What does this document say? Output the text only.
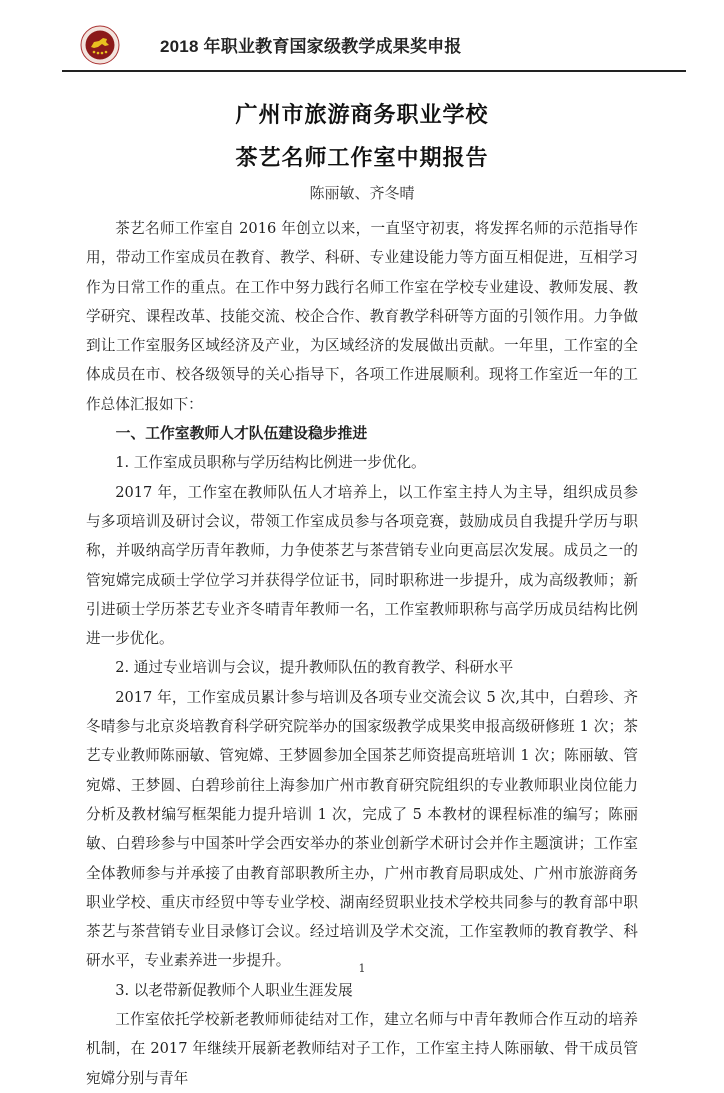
2018 年职业教育国家级教学成果奖申报
广州市旅游商务职业学校
茶艺名师工作室中期报告
陈丽敏、齐冬晴

茶艺名师工作室自 2016 年创立以来，一直坚守初衷，将发挥名师的示范指导作用，带动工作室成员在教育、教学、科研、专业建设能力等方面互相促进，互相学习作为日常工作的重点。在工作中努力践行名师工作室在学校专业建设、教师发展、教学研究、课程改革、技能交流、校企合作、教育教学科研等方面的引领作用。力争做到让工作室服务区域经济及产业，为区域经济的发展做出贡献。一年里，工作室的全体成员在市、校各级领导的关心指导下，各项工作进展顺利。现将工作室近一年的工作总体汇报如下：

一、工作室教师人才队伍建设稳步推进

1. 工作室成员职称与学历结构比例进一步优化。

2017 年，工作室在教师队伍人才培养上，以工作室主持人为主导，组织成员参与多项培训及研讨会议，带领工作室成员参与各项竞赛，鼓励成员自我提升学历与职称，并吸纳高学历青年教师，力争使茶艺与茶营销专业向更高层次发展。成员之一的管宛嫦完成硕士学位学习并获得学位证书，同时职称进一步提升，成为高级教师；新引进硕士学历茶艺专业齐冬晴青年教师一名，工作室教师职称与高学历成员结构比例进一步优化。

2. 通过专业培训与会议，提升教师队伍的教育教学、科研水平

2017 年，工作室成员累计参与培训及各项专业交流会议 5 次,其中，白碧珍、齐冬晴参与北京炎培教育科学研究院举办的国家级教学成果奖申报高级研修班 1 次；茶艺专业教师陈丽敏、管宛嫦、王梦圆参加全国茶艺师资提高班培训 1 次；陈丽敏、管宛嫦、王梦圆、白碧珍前往上海参加广州市教育研究院组织的专业教师职业岗位能力分析及教材编写框架能力提升培训 1 次，完成了 5 本教材的课程标准的编写；陈丽敏、白碧珍参与中国茶叶学会西安举办的茶业创新学术研讨会并作主题演讲；工作室全体教师参与并承接了由教育部职教所主办，广州市教育局职成处、广州市旅游商务职业学校、重庆市经贸中等专业学校、湖南经贸职业技术学校共同参与的教育部中职茶艺与茶营销专业目录修订会议。经过培训及学术交流，工作室教师的教育教学、科研水平，专业素养进一步提升。

3. 以老带新促教师个人职业生涯发展

工作室依托学校新老教师师徒结对工作，建立名师与中青年教师合作互动的培养机制，在 2017 年继续开展新老教师结对子工作，工作室主持人陈丽敏、骨干成员管宛嫦分别与青年

1
